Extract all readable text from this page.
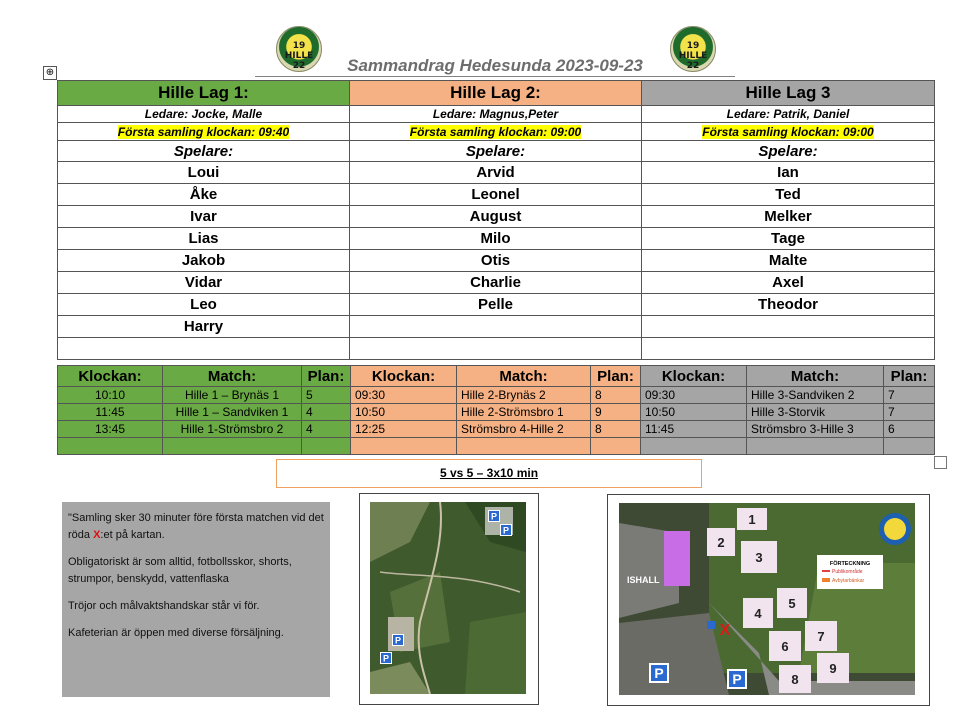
19 HILLE 22
19 HILLE 22
Sammandrag Hedesunda 2023-09-23
⊕
Hille Lag 1:	Hille Lag 2:	Hille Lag 3
Ledare: Jocke, Malle	Ledare: Magnus,Peter	Ledare: Patrik, Daniel
Första samling klockan: 09:40	Första samling klockan: 09:00	Första samling klockan: 09:00
Spelare:	Spelare:	Spelare:
Loui	Arvid	Ian
Åke	Leonel	Ted
Ivar	August	Melker
Lias	Milo	Tage
Jakob	Otis	Malte
Vidar	Charlie	Axel
Leo	Pelle	Theodor
Harry		

Klockan:	Match:	Plan:	Klockan:	Match:	Plan:	Klockan:	Match:	Plan:
10:10	Hille 1 – Brynäs 1	5	09:30	Hille 2-Brynäs 2	8	09:30	Hille 3-Sandviken 2	7
11:45	Hille 1 – Sandviken 1	4	10:50	Hille 2-Strömsbro 1	9	10:50	Hille 3-Storvik	7
13:45	Hille 1-Strömsbro 2	4	12:25	Strömsbro 4-Hille 2	8	11:45	Strömsbro 3-Hille 3	6

5 vs 5 – 3x10 min

"Samling sker 30 minuter före första matchen vid det röda X:et på kartan.

Obligatoriskt är som alltid, fotbollsskor, shorts, strumpor, benskydd, vattenflaska

Tröjor och målvaktshandskar står vi för.

Kafeterian är öppen med diverse försäljning.

P
P
P
P
ISHALL
1
2
3
4
5
6
7
8
9
FÖRTECKNING
Publikområde
Avbytarbänkar
X
P	P
